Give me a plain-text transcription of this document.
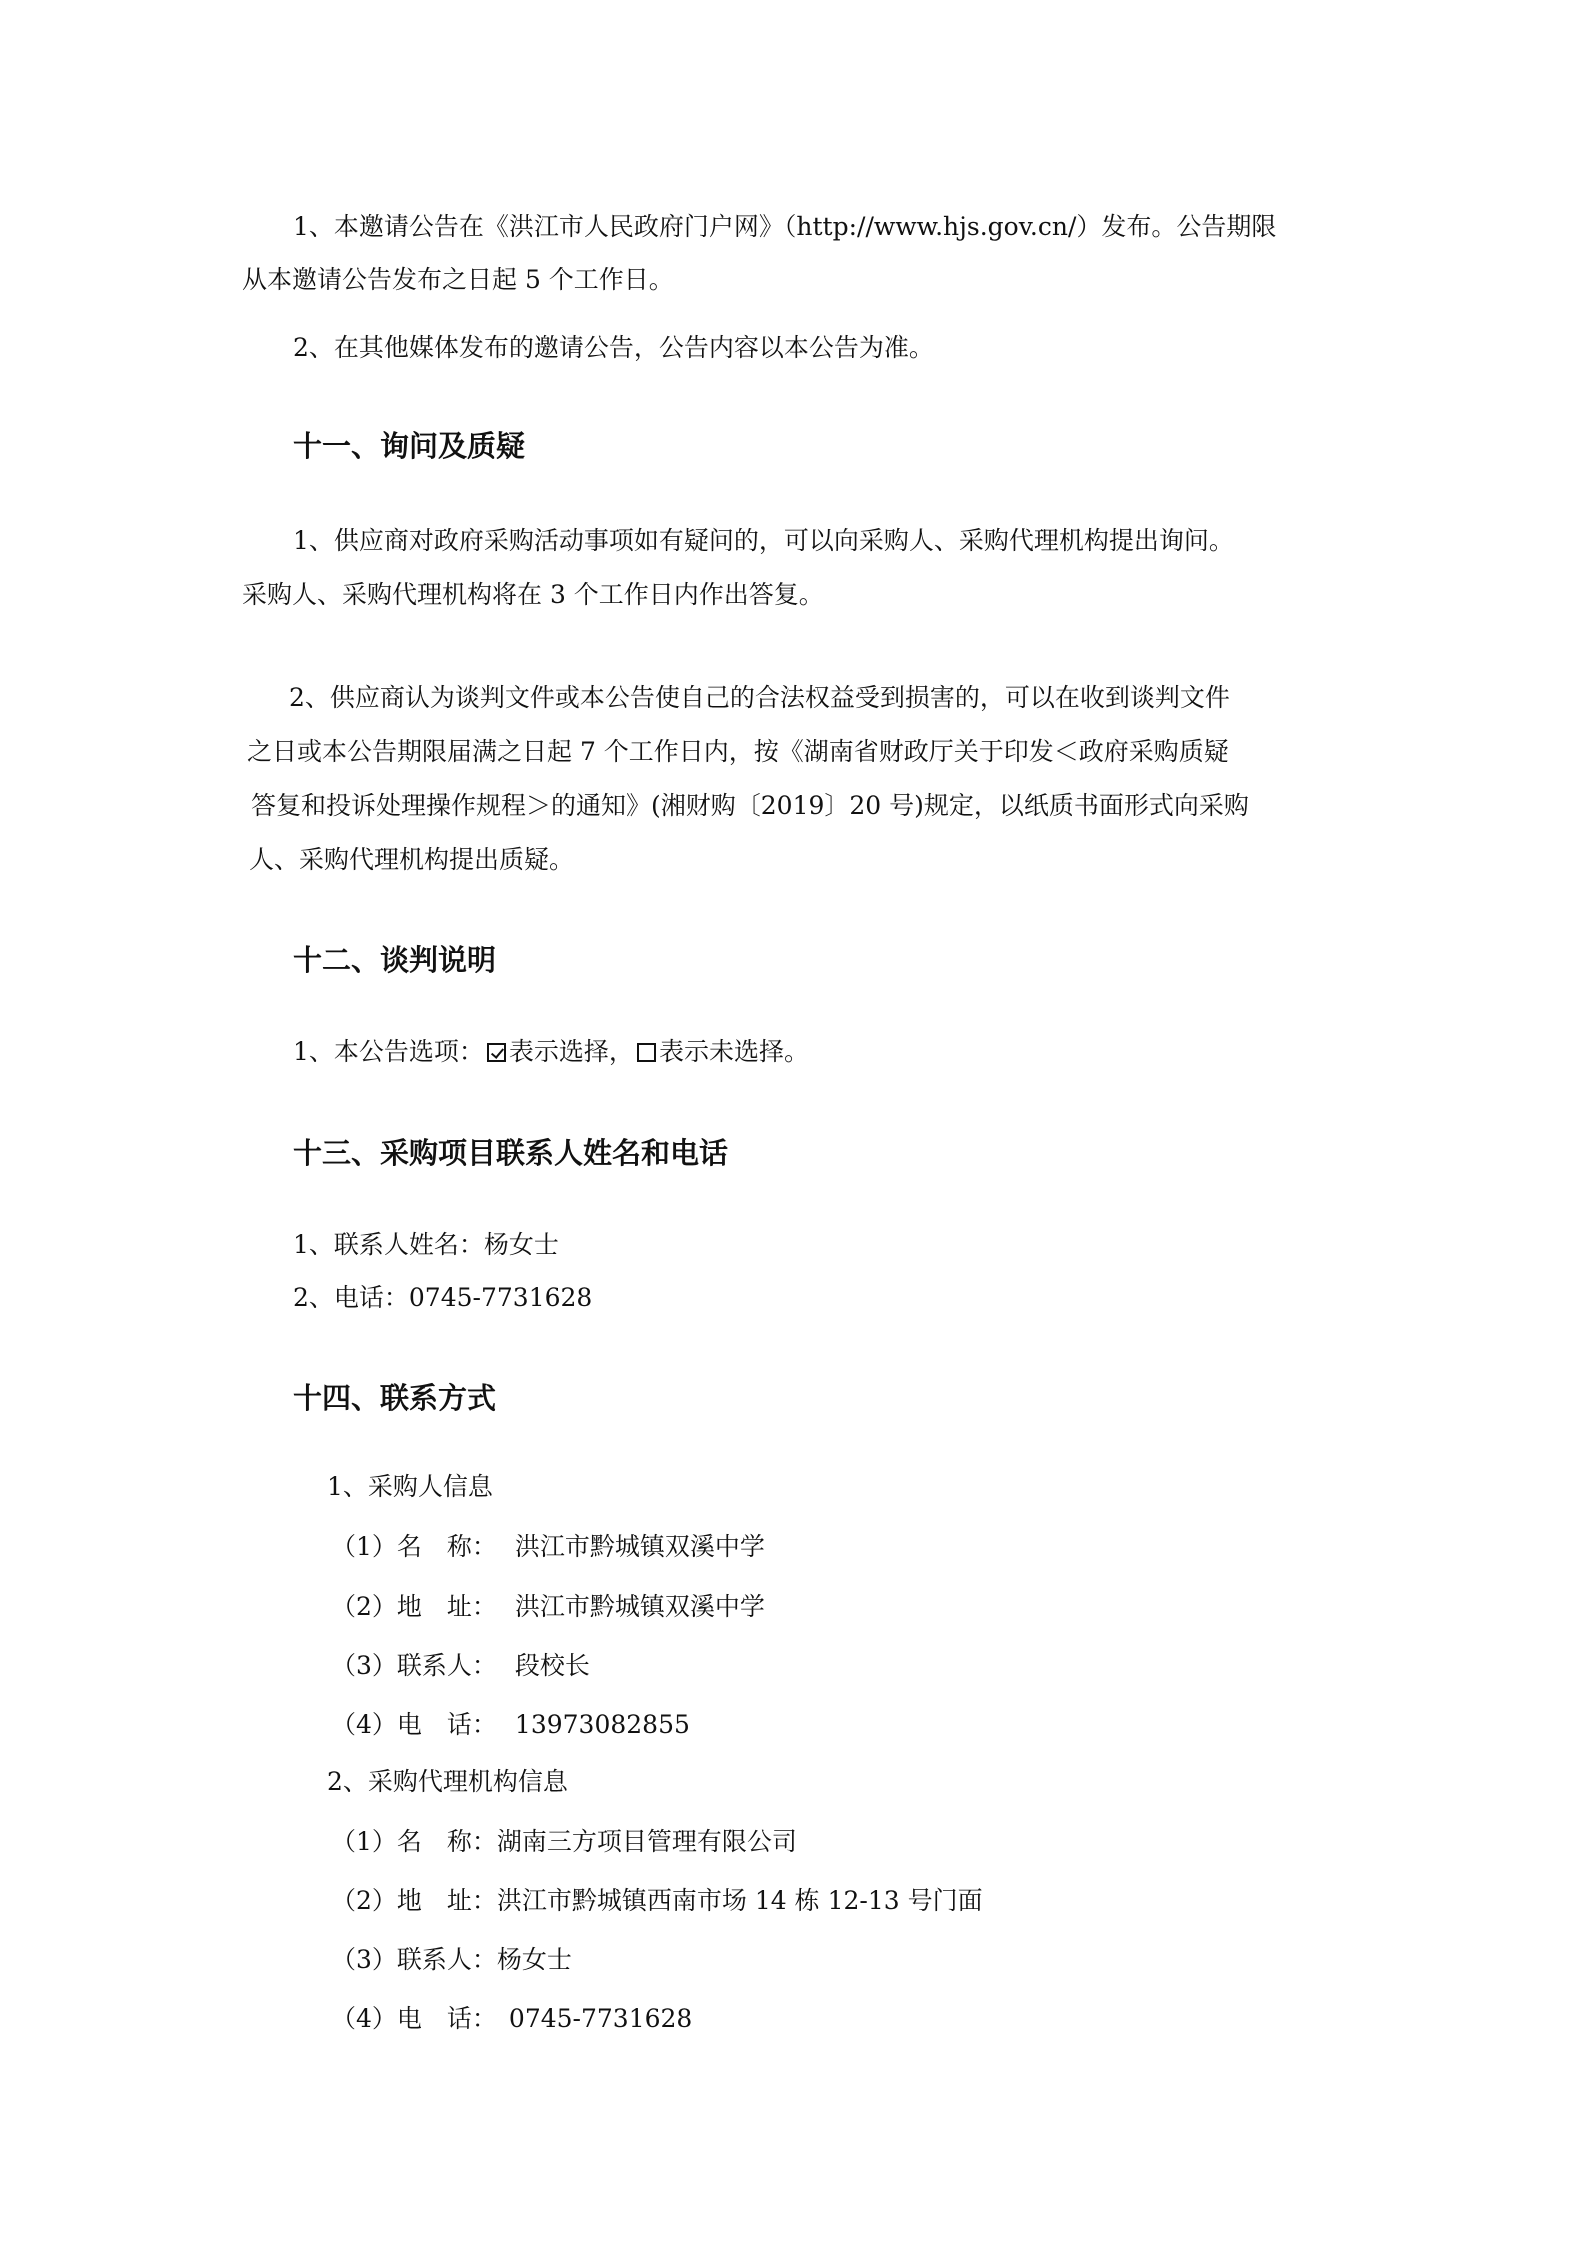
1、本邀请公告在《洪江市人民政府门户网》（http://www.hjs.gov.cn/）发布。公告期限
从本邀请公告发布之日起 5 个工作日。
2、在其他媒体发布的邀请公告，公告内容以本公告为准。
十一、询问及质疑
1、供应商对政府采购活动事项如有疑问的，可以向采购人、采购代理机构提出询问。
采购人、采购代理机构将在 3 个工作日内作出答复。
2、供应商认为谈判文件或本公告使自己的合法权益受到损害的，可以在收到谈判文件
之日或本公告期限届满之日起 7 个工作日内，按《湖南省财政厅关于印发＜政府采购质疑
答复和投诉处理操作规程＞的通知》(湘财购〔2019〕20 号)规定，以纸质书面形式向采购
人、采购代理机构提出质疑。
十二、谈判说明
1、本公告选项： 表示选择， 表示未选择。
十三、采购项目联系人姓名和电话
1、联系人姓名：杨女士
2、电话：0745-7731628
十四、联系方式
1、采购人信息
（1）名　称： 洪江市黔城镇双溪中学
（2）地　址： 洪江市黔城镇双溪中学
（3）联系人： 段校长
（4）电　话： 13973082855
2、采购代理机构信息
（1）名　称：湖南三方项目管理有限公司
（2）地　址：洪江市黔城镇西南市场 14 栋 12-13 号门面
（3）联系人：杨女士
（4）电　话： 0745-7731628
